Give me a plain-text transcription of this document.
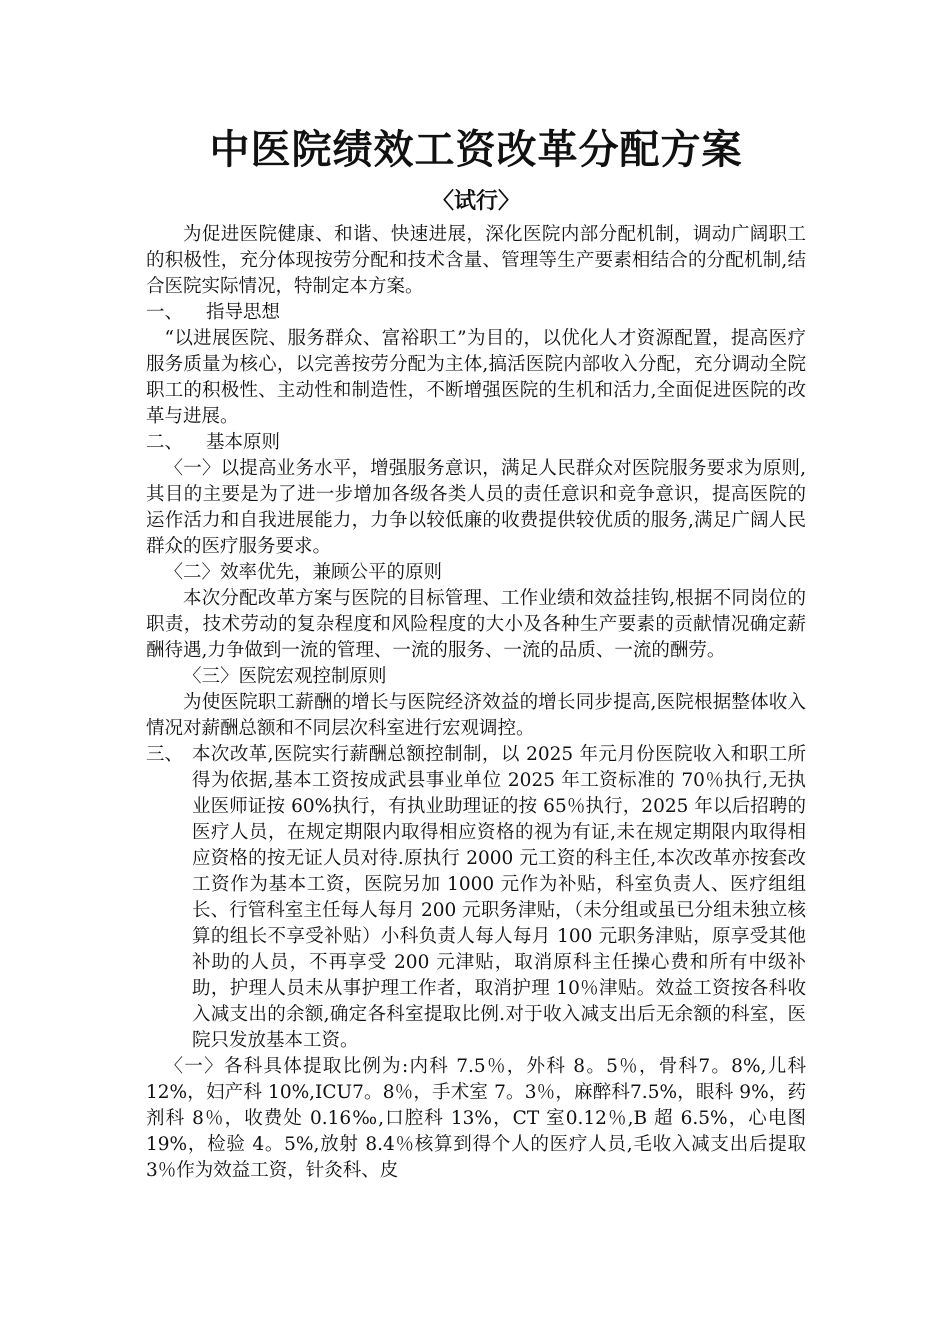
中医院绩效工资改革分配方案
〈试行〉

为促进医院健康、和谐、快速进展，深化医院内部分配机制，调动广阔职工的积极性，充分体现按劳分配和技术含量、管理等生产要素相结合的分配机制,结合医院实际情况，特制定本方案。

一、	指导思想

“以进展医院、服务群众、富裕职工”为目的，以优化人才资源配置，提高医疗服务质量为核心，以完善按劳分配为主体,搞活医院内部收入分配，充分调动全院职工的积极性、主动性和制造性，不断增强医院的生机和活力,全面促进医院的改革与进展。

二、	基本原则

〈一〉以提高业务水平，增强服务意识，满足人民群众对医院服务要求为原则,其目的主要是为了进一步增加各级各类人员的责任意识和竞争意识，提高医院的运作活力和自我进展能力，力争以较低廉的收费提供较优质的服务,满足广阔人民群众的医疗服务要求。

〈二〉效率优先，兼顾公平的原则

本次分配改革方案与医院的目标管理、工作业绩和效益挂钩,根据不同岗位的职责，技术劳动的复杂程度和风险程度的大小及各种生产要素的贡献情况确定薪酬待遇,力争做到一流的管理、一流的服务、一流的品质、一流的酬劳。

〈三〉医院宏观控制原则

为使医院职工薪酬的增长与医院经济效益的增长同步提高,医院根据整体收入情况对薪酬总额和不同层次科室进行宏观调控。

三、 本次改革,医院实行薪酬总额控制制，以 2025 年元月份医院收入和职工所得为依据,基本工资按成武县事业单位 2025 年工资标准的 70％执行,无执业医师证按 60%执行，有执业助理证的按 65％执行，2025 年以后招聘的医疗人员，在规定期限内取得相应资格的视为有证,未在规定期限内取得相应资格的按无证人员对待.原执行 2000 元工资的科主任,本次改革亦按套改工资作为基本工资，医院另加 1000 元作为补贴，科室负责人、医疗组组长、行管科室主任每人每月 200 元职务津贴，（未分组或虽已分组未独立核算的组长不享受补贴）小科负责人每人每月 100 元职务津贴，原享受其他补助的人员，不再享受 200 元津贴，取消原科主任操心费和所有中级补助，护理人员未从事护理工作者，取消护理 10％津贴。效益工资按各科收入减支出的余额,确定各科室提取比例.对于收入减支出后无余额的科室，医院只发放基本工资。

〈一〉各科具体提取比例为:内科 7.5％，外科 8。5％，骨科7。8%,儿科 12%，妇产科 10%,ICU7。8％，手术室 7。3％，麻醉科7.5%，眼科 9%，药剂科 8％，收费处 0.16‰,口腔科 13%，CT 室0.12％,B 超 6.5%，心电图 19%，检验 4。5%,放射 8.4％核算到得个人的医疗人员,毛收入减支出后提取 3％作为效益工资，针灸科、皮
